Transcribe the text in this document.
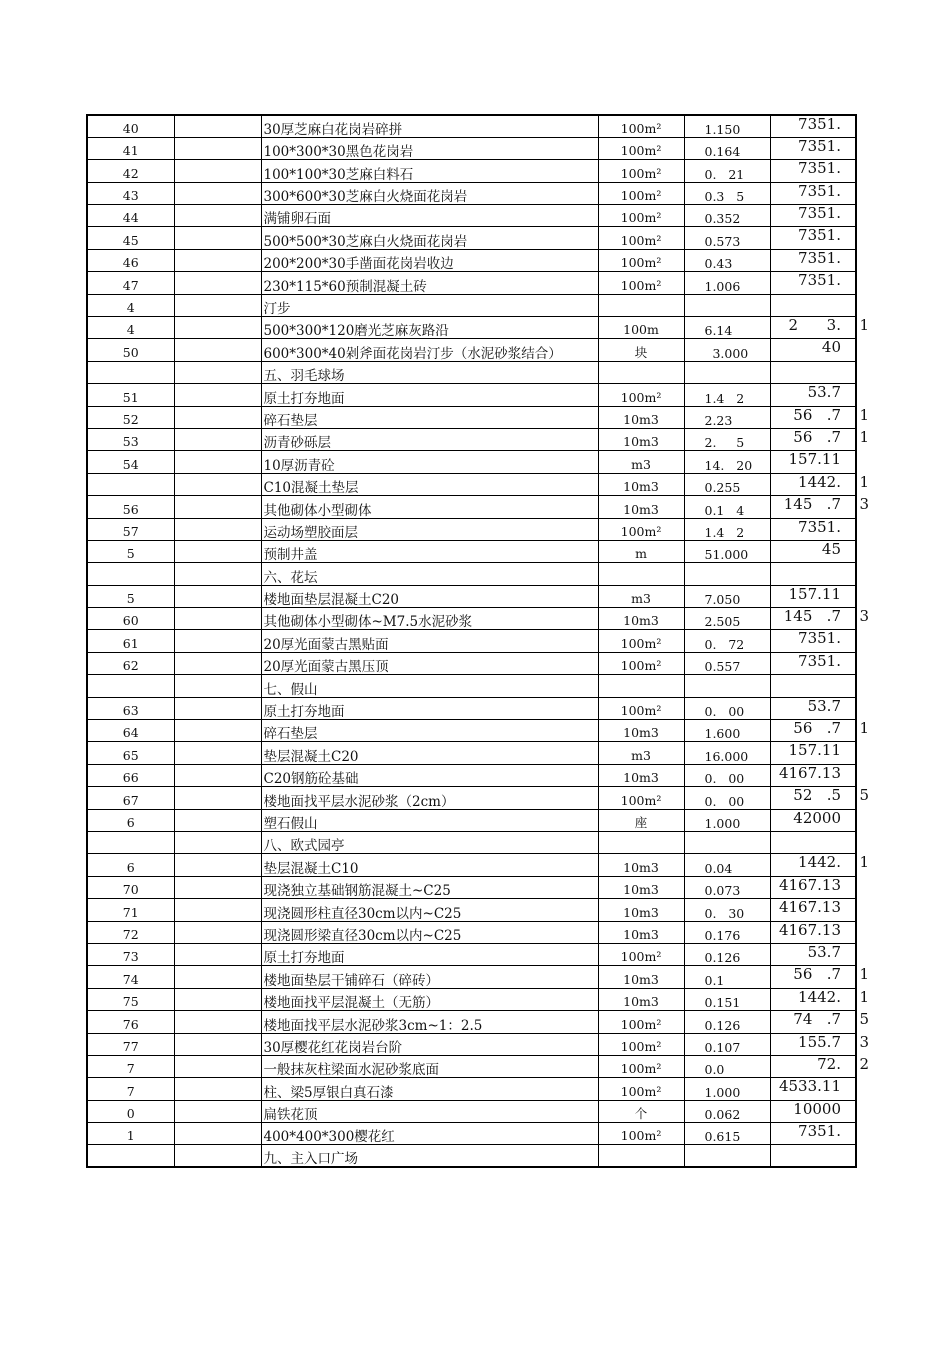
40		30厚芝麻白花岗岩碎拼	100m²	1.150	7351.

41		100*300*30黑色花岗岩	100m²	0.164	7351.

42		100*100*30芝麻白料石	100m²	0.   21	7351.

43		300*600*30芝麻白火烧面花岗岩	100m²	0.3   5	7351.

44		满铺卵石面	100m²	0.352	7351.

45		500*500*30芝麻白火烧面花岗岩	100m²	0.573	7351.

46		200*200*30手凿面花岗岩收边	100m²	0.43	7351.

47		230*115*60预制混凝土砖	100m²	1.006	7351.

4		汀步			

4		500*300*120磨光芝麻灰路沿	100m	6.14	2      3. 1

50		600*300*40剁斧面花岗岩汀步（水泥砂浆结合）	块	3.000	40

		五、羽毛球场			

51		原土打夯地面	100m²	1.4   2	53.7

52		碎石垫层	10m3	2.23	56   .7 1

53		沥青砂砾层	10m3	2.     5	56   .7 1

54		10厚沥青砼	m3	14.   20	157.11

		C10混凝土垫层	10m3	0.255	1442. 1

56		其他砌体小型砌体	10m3	0.1   4	145   .7 3

57		运动场塑胶面层	100m²	1.4   2	7351.

5		预制井盖	m	51.000	45

		六、花坛			

5		楼地面垫层混凝土C20	m3	7.050	157.11

60		其他砌体小型砌体~M7.5水泥砂浆	10m3	2.505	145   .7 3

61		20厚光面蒙古黑贴面	100m²	0.   72	7351.

62		20厚光面蒙古黑压顶	100m²	0.557	7351.

		七、假山			

63		原土打夯地面	100m²	0.   00	53.7

64		碎石垫层	10m3	1.600	56   .7 1

65		垫层混凝土C20	m3	16.000	157.11

66		C20钢筋砼基础	10m3	0.   00	4167.13

67		楼地面找平层水泥砂浆（2cm）	100m²	0.   00	52   .5 5

6		塑石假山	座	1.000	42000

		八、欧式园亭			

6		垫层混凝土C10	10m3	0.04	1442. 1

70		现浇独立基础钢筋混凝土~C25	10m3	0.073	4167.13

71		现浇圆形柱直径30cm以内~C25	10m3	0.   30	4167.13

72		现浇圆形梁直径30cm以内~C25	10m3	0.176	4167.13

73		原土打夯地面	100m²	0.126	53.7

74		楼地面垫层干铺碎石（碎砖）	10m3	0.1	56   .7 1

75		楼地面找平层混凝土（无筋）	10m3	0.151	1442. 1

76		楼地面找平层水泥砂浆3cm~1：2.5	100m²	0.126	74   .7 5

77		30厚樱花红花岗岩台阶	100m²	0.107	155.7 3

7		一般抹灰柱梁面水泥砂浆底面	100m²	0.0	72. 2

7		柱、梁5厚银白真石漆	100m²	1.000	4533.11

0		扁铁花顶	个	0.062	10000

1		400*400*300樱花红	100m²	0.615	7351.

		九、主入口广场			
